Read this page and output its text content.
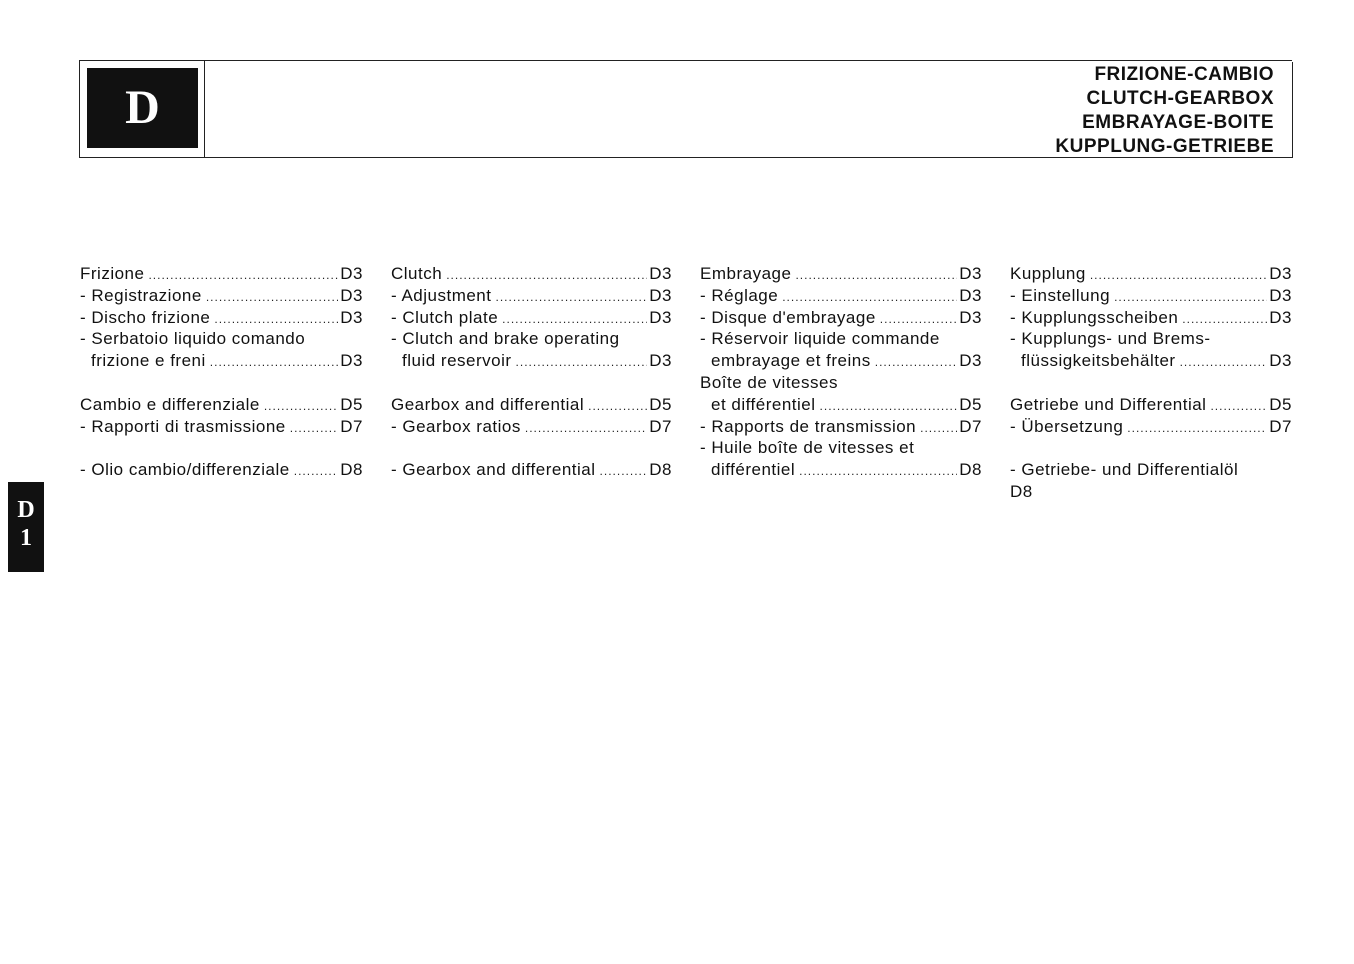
D
FRIZIONE-CAMBIO
CLUTCH-GEARBOX
EMBRAYAGE-BOITE
KUPPLUNG-GETRIEBE
D
1
Frizione .....	D3
- Registrazione .....	D3
- Discho frizione .....	D3
- Serbatoio liquido comando
frizione e freni .....	D3
Cambio e differenziale .....	D5
- Rapporti di trasmissione .....	D7
- Olio cambio/differenziale .....	D8
Clutch .....	D3
- Adjustment .....	D3
- Clutch plate .....	D3
- Clutch and brake operating
fluid reservoir .....	D3
Gearbox and differential .....	D5
- Gearbox ratios .....	D7
- Gearbox and differential .....	D8
Embrayage .....	D3
- Réglage .....	D3
- Disque d'embrayage .....	D3
- Réservoir liquide commande
embrayage et freins .....	D3
Boîte de vitesses
et différentiel .....	D5
- Rapports de transmission .....	D7
- Huile boîte de vitesses et
différentiel .....	D8
Kupplung .....	D3
- Einstellung .....	D3
- Kupplungsscheiben .....	D3
- Kupplungs- und Brems-
flüssigkeitsbehälter .....	D3
Getriebe und Differential .....	D5
- Übersetzung .....	D7
- Getriebe- und Differentialöl
D8
